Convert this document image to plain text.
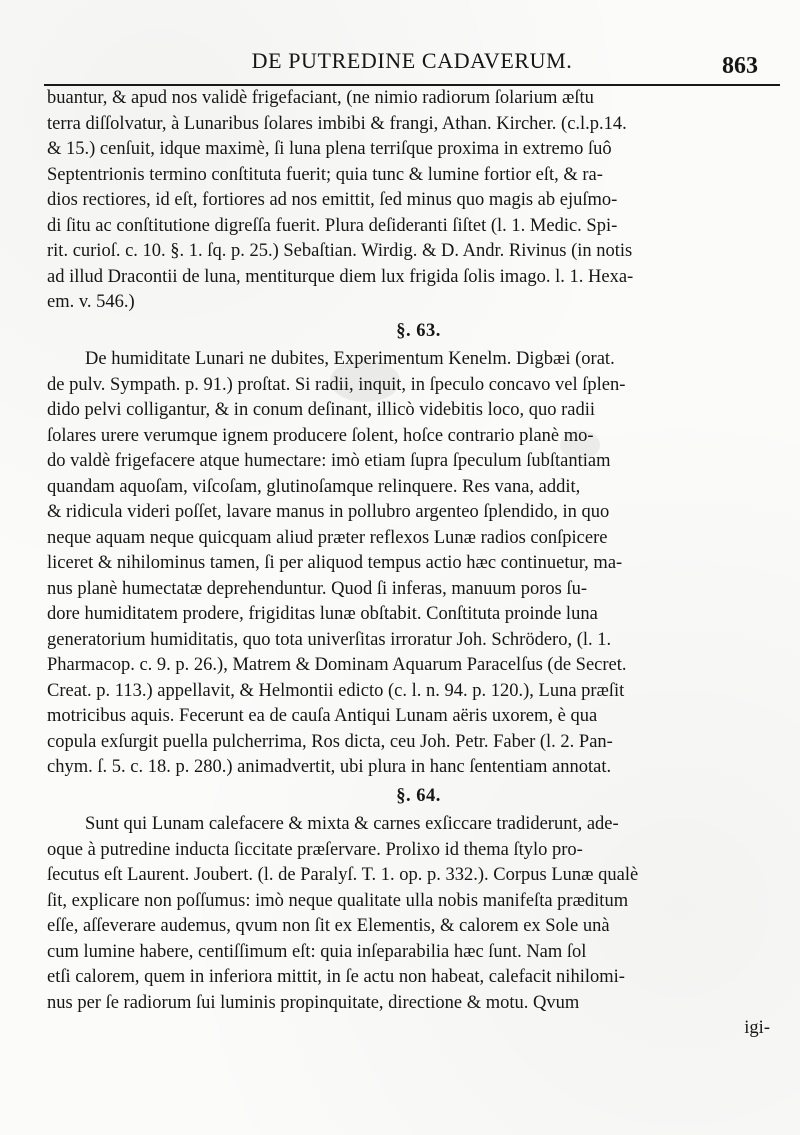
DE PUTREDINE CADAVERUM.	863
buantur, & apud nos validè frigefaciant, (ne nimio radiorum ſolarium æſtu
terra diſſolvatur, à Lunaribus ſolares imbibi & frangi, Athan. Kircher. (c.l.p.14.
& 15.) cenſuit, idque maximè, ſi luna plena terriſque proxima in extremo ſuô
Septentrionis termino conſtituta fuerit; quia tunc & lumine fortior eſt, & ra-
dios rectiores, id eſt, fortiores ad nos emittit, ſed minus quo magis ab ejuſmo-
di ſitu ac conſtitutione digreſſa fuerit. Plura deſideranti ſiſtet (l. 1. Medic. Spi-
rit. curioſ. c. 10. §. 1. ſq. p. 25.) Sebaſtian. Wirdig. & D. Andr. Rivinus (in notis
ad illud Dracontii de luna, mentiturque diem lux frigida ſolis imago. l. 1. Hexa-
em. v. 546.)
§. 63.
De humiditate Lunari ne dubites, Experimentum Kenelm. Digbæi (orat.
de pulv. Sympath. p. 91.) proſtat. Si radii, inquit, in ſpeculo concavo vel ſplen-
dido pelvi colligantur, & in conum deſinant, illicò videbitis loco, quo radii
ſolares urere verumque ignem producere ſolent, hoſce contrario planè mo-
do valdè frigefacere atque humectare: imò etiam ſupra ſpeculum ſubſtantiam
quandam aquoſam, viſcoſam, glutinoſamque relinquere. Res vana, addit,
& ridicula videri poſſet, lavare manus in pollubro argenteo ſplendido, in quo
neque aquam neque quicquam aliud præter reflexos Lunæ radios conſpicere
liceret & nihilominus tamen, ſi per aliquod tempus actio hæc continuetur, ma-
nus planè humectatæ deprehenduntur. Quod ſi inferas, manuum poros ſu-
dore humiditatem prodere, frigiditas lunæ obſtabit. Conſtituta proinde luna
generatorium humiditatis, quo tota univerſitas irroratur Joh. Schrödero, (l. 1.
Pharmacop. c. 9. p. 26.), Matrem & Dominam Aquarum Paracelſus (de Secret.
Creat. p. 113.) appellavit, & Helmontii edicto (c. l. n. 94. p. 120.), Luna præſit
motricibus aquis. Fecerunt ea de cauſa Antiqui Lunam aëris uxorem, è qua
copula exſurgit puella pulcherrima, Ros dicta, ceu Joh. Petr. Faber (l. 2. Pan-
chym. ſ. 5. c. 18. p. 280.) animadvertit, ubi plura in hanc ſententiam annotat.
§. 64.
Sunt qui Lunam calefacere & mixta & carnes exſiccare tradiderunt, ade-
oque à putredine inducta ſiccitate præſervare. Prolixo id thema ſtylo pro-
ſecutus eſt Laurent. Joubert. (l. de Paralyſ. T. 1. op. p. 332.). Corpus Lunæ qualè
ſit, explicare non poſſumus: imò neque qualitate ulla nobis manifeſta præditum
eſſe, aſſeverare audemus, qvum non ſit ex Elementis, & calorem ex Sole unà
cum lumine habere, centiſſimum eſt: quia inſeparabilia hæc ſunt. Nam ſol
etſi calorem, quem in inferiora mittit, in ſe actu non habeat, calefacit nihilomi-
nus per ſe radiorum ſui luminis propinquitate, directione & motu. Qvum
igi-
